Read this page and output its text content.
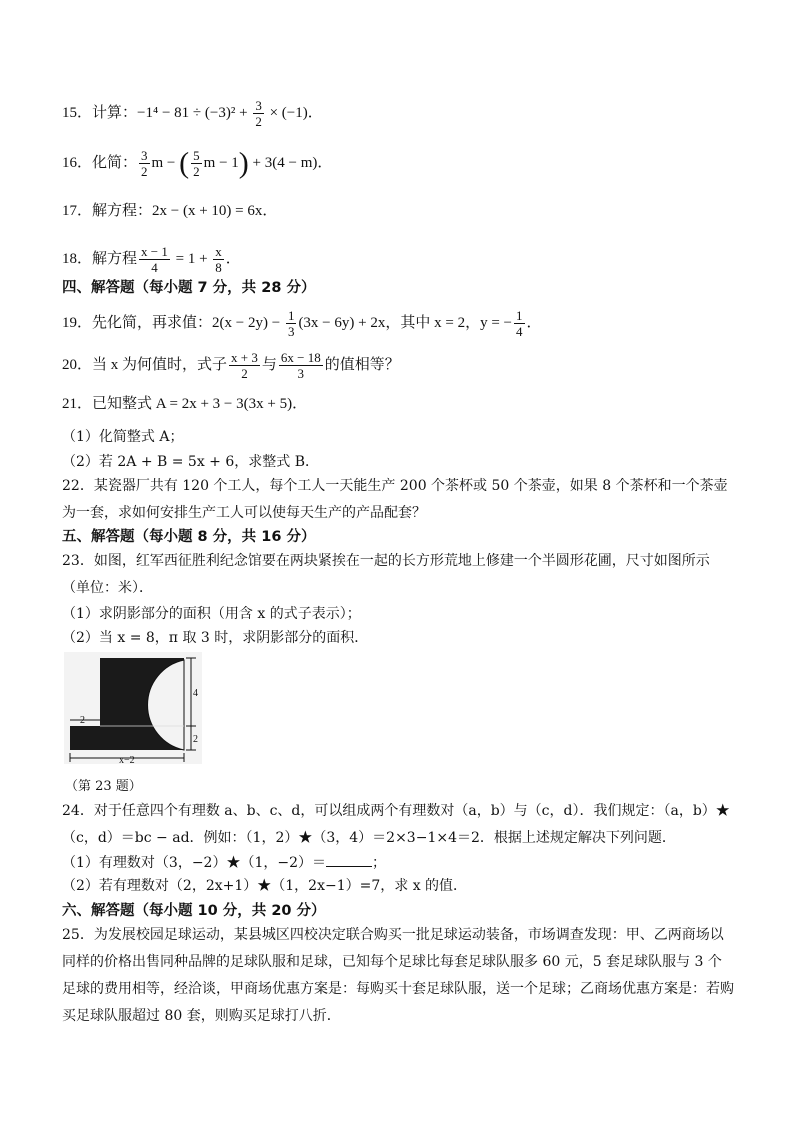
15．计算：$-1^4 - 81 \div (-3)^2 + \frac{3}{2} \times (-1)$．
16．化简： $\frac{3}{2}$ m − ( $\frac{5}{2}$ m − 1) + 3(4 − m)．
17．解方程：2x − (x + 10) = 6x．
18．解方程 $\frac{x - 1}{4} = 1 + \frac{x}{8}$ ．
四、解答题（每小题 7 分，共 28 分）
19．先化简，再求值：$2(x - 2y) - \frac{1}{3} (3x - 6y) + 2x$，其中 x = 2，y = − $\frac{1}{4}$ ．
20．当 x 为何值时，式子 $\frac{x + 3}{2}$ 与 $\frac{6x - 18}{3}$ 的值相等？
21．已知整式 A = 2x + 3 − 3(3x + 5)．
（1）化简整式 A；
（2）若 2A + B = 5x + 6，求整式 B．
22．某瓷器厂共有 120 个工人，每个工人一天能生产 200 个茶杯或 50 个茶壶，如果 8 个茶杯和一个茶壶为一套，求如何安排生产工人可以使每天生产的产品配套？
五、解答题（每小题 8 分，共 16 分）
23．如图，红军西征胜利纪念馆要在两块紧挨在一起的长方形荒地上修建一个半圆形花圃，尺寸如图所示（单位：米）．
（1）求阴影部分的面积（用含 x 的式子表示）；
（2）当 x = 8，π 取 3 时，求阴影部分的面积．
2
4
2
x−2
（第 23 题）
24．对于任意四个有理数 a、b、c、d，可以组成两个有理数对（a，b）与（c，d）．我们规定：（a，b）★（c，d）＝bc − ad．例如：（1，2）★（3，4）＝2×3−1×4＝2．根据上述规定解决下列问题．
（1）有理数对（3，−2）★（1，−2）＝	；
（2）若有理数对（2，2x+1）★（1，2x−1）=7，求 x 的值．
六、解答题（每小题 10 分，共 20 分）
25．为发展校园足球运动，某县城区四校决定联合购买一批足球运动装备，市场调查发现：甲、乙两商场以同样的价格出售同种品牌的足球队服和足球，已知每个足球比每套足球队服多 60 元，5 套足球队服与 3 个足球的费用相等，经洽谈，甲商场优惠方案是：每购买十套足球队服，送一个足球；乙商场优惠方案是：若购买足球队服超过 80 套，则购买足球打八折．
